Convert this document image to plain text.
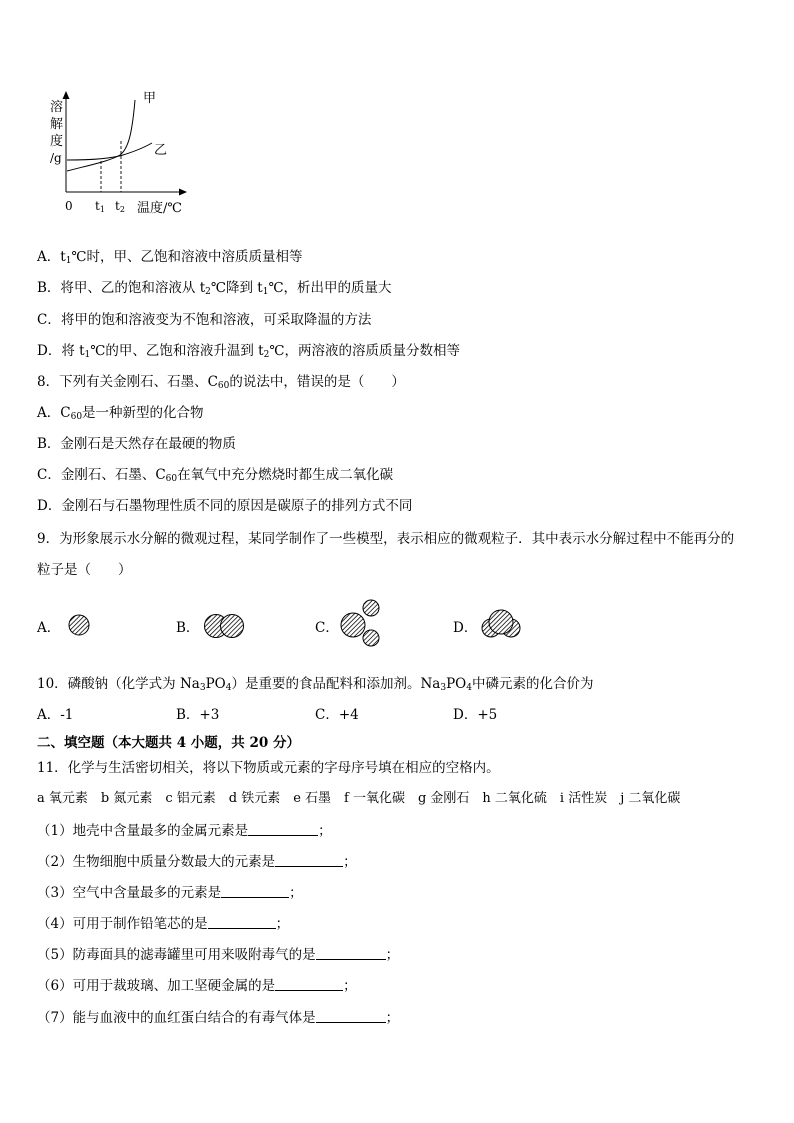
溶
解
度
/g
0 t1 t2 温度/℃
甲
乙
A．$t_1℃$时，甲、乙饱和溶液中溶质质量相等
B．将甲、乙的饱和溶液从 $t_2℃$降到 $t_1℃$，析出甲的质量大
C．将甲的饱和溶液变为不饱和溶液，可采取降温的方法
D．将 $t_1℃$的甲、乙饱和溶液升温到 $t_2℃$，两溶液的溶质质量分数相等
8．下列有关金刚石、石墨、$C_{60}$的说法中，错误的是（　　）
A．$C_{60}$是一种新型的化合物
B．金刚石是天然存在最硬的物质
C．金刚石、石墨、$C_{60}$在氧气中充分燃烧时都生成二氧化碳
D．金刚石与石墨物理性质不同的原因是碳原子的排列方式不同
9．为形象展示水分解的微观过程，某同学制作了一些模型，表示相应的微观粒子．其中表示水分解过程中不能再分的
粒子是（　　）
A．	B．	C．	D．
10．磷酸钠（化学式为 $Na_3PO_4$）是重要的食品配料和添加剂。$Na_3PO_4$中磷元素的化合价为
A．-1	B．+3	C．+4	D．+5
二、填空题（本大题共 4 小题，共 20 分）
11．化学与生活密切相关，将以下物质或元素的字母序号填在相应的空格内。
a 氧元素　b 氮元素　c 铝元素　d 铁元素　e 石墨　f 一氧化碳　g 金刚石　h 二氧化硫　i 活性炭　j 二氧化碳
（1）地壳中含量最多的金属元素是	；
（2）生物细胞中质量分数最大的元素是	；
（3）空气中含量最多的元素是	；
（4）可用于制作铅笔芯的是	；
（5）防毒面具的滤毒罐里可用来吸附毒气的是	；
（6）可用于裁玻璃、加工坚硬金属的是	；
（7）能与血液中的血红蛋白结合的有毒气体是	；
